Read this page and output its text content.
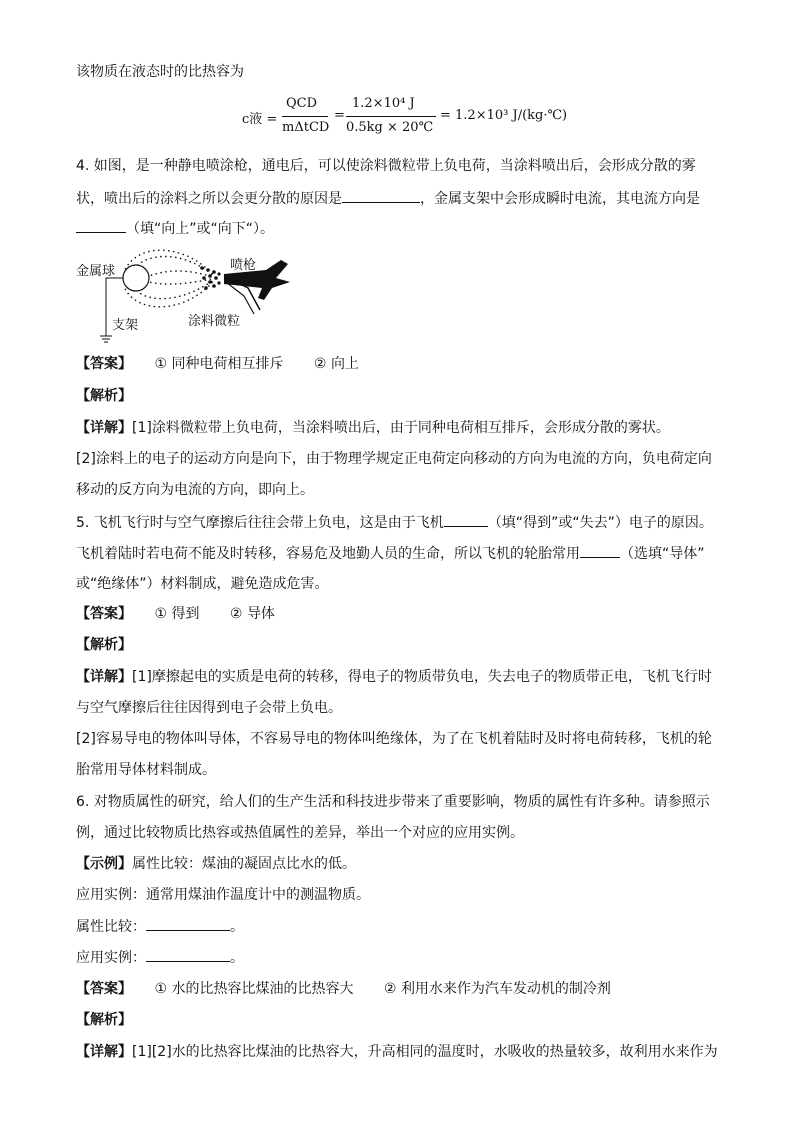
该物质在液态时的比热容为
c液 =
QCD
mΔtCD
=
1.2×10⁴ J
0.5kg × 20℃
= 1.2×10³ J/(kg·℃)
4. 如图，是一种静电喷涂枪，通电后，可以使涂料微粒带上负电荷，当涂料喷出后，会形成分散的雾
状，喷出后的涂料之所以会更分散的原因是	，金属支架中会形成瞬时电流，其电流方向是
（填“向上”或“向下“）。
金属球	喷枪
支架	涂料微粒
【答案】 ① 同种电荷相互排斥 ② 向上
【解析】
【详解】[1]涂料微粒带上负电荷，当涂料喷出后，由于同种电荷相互排斥，会形成分散的雾状。
[2]涂料上的电子的运动方向是向下，由于物理学规定正电荷定向移动的方向为电流的方向，负电荷定向
移动的反方向为电流的方向，即向上。
5. 飞机飞行时与空气摩擦后往往会带上负电，这是由于飞机	（填“得到”或“失去”）电子的原因。
飞机着陆时若电荷不能及时转移，容易危及地勤人员的生命，所以飞机的轮胎常用	（选填“导体”
或“绝缘体”）材料制成，避免造成危害。
【答案】 ① 得到 ② 导体
【解析】
【详解】[1]摩擦起电的实质是电荷的转移，得电子的物质带负电，失去电子的物质带正电，飞机飞行时
与空气摩擦后往往因得到电子会带上负电。
[2]容易导电的物体叫导体，不容易导电的物体叫绝缘体，为了在飞机着陆时及时将电荷转移，飞机的轮
胎常用导体材料制成。
6. 对物质属性的研究，给人们的生产生活和科技进步带来了重要影响，物质的属性有许多种。请参照示
例，通过比较物质比热容或热值属性的差异，举出一个对应的应用实例。
【示例】属性比较：煤油的凝固点比水的低。
应用实例：通常用煤油作温度计中的测温物质。
属性比较：	。
应用实例：	。
【答案】 ① 水的比热容比煤油的比热容大 ② 利用水来作为汽车发动机的制冷剂
【解析】
【详解】[1][2]水的比热容比煤油的比热容大，升高相同的温度时，水吸收的热量较多，故利用水来作为
